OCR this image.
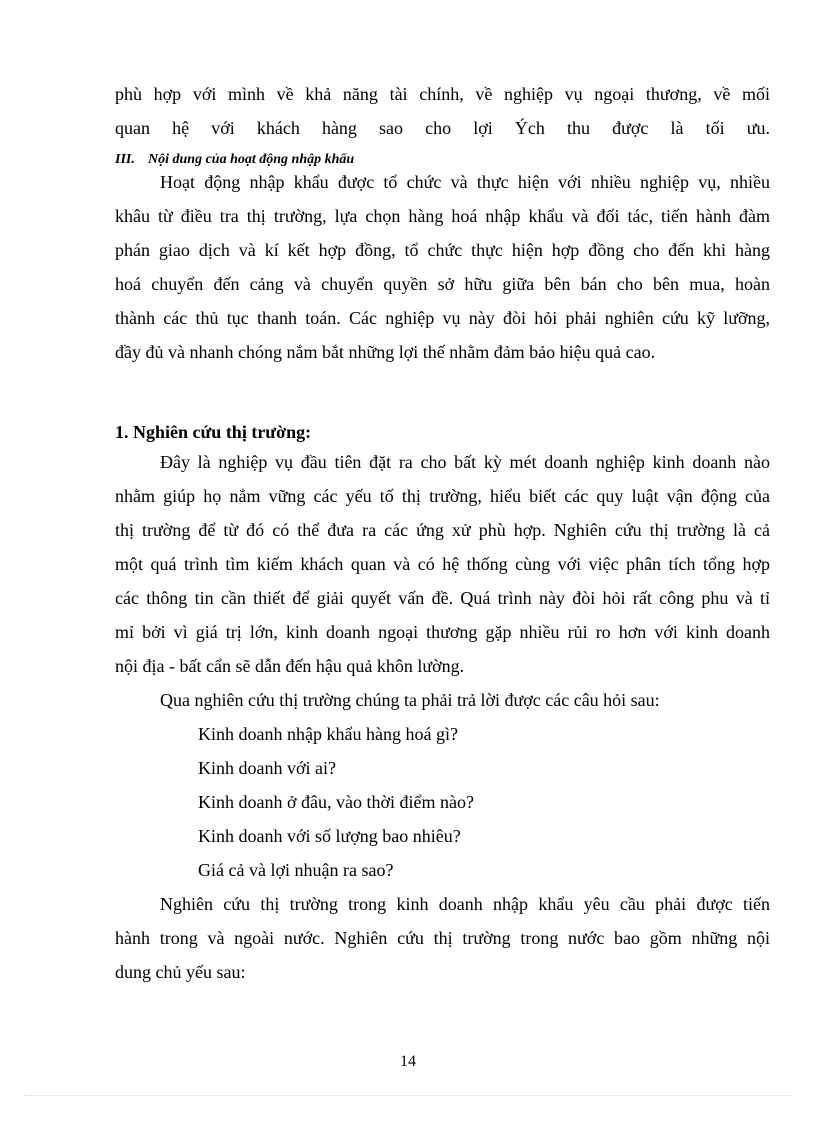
phù hợp với mình về khả năng tài chính, về nghiệp vụ ngoại thương, về mối
quan hệ với khách hàng sao cho lợi Ých thu được là tối ưu.
III. Nội dung của hoạt động nhập khẩu
Hoạt động nhập khẩu được tổ chức và thực hiện với nhiều nghiệp vụ, nhiều
khâu từ điều tra thị trường, lựa chọn hàng hoá nhập khẩu và đối tác, tiến hành đàm
phán giao dịch và kí kết hợp đồng, tổ chức thực hiện hợp đồng cho đến khi hàng
hoá chuyển đến cảng và chuyển quyền sở hữu giữa bên bán cho bên mua, hoàn
thành các thủ tục thanh toán. Các nghiệp vụ này đòi hỏi phải nghiên cứu kỹ lưỡng,
đầy đủ và nhanh chóng nắm bắt những lợi thế nhằm đảm bảo hiệu quả cao.
1. Nghiên cứu thị trường:
Đây là nghiệp vụ đầu tiên đặt ra cho bất kỳ mét doanh nghiệp kinh doanh nào
nhằm giúp họ nắm vững các yếu tố thị trường, hiểu biết các quy luật vận động của
thị trường để từ đó có thể đưa ra các ứng xử phù hợp. Nghiên cứu thị trường là cả
một quá trình tìm kiếm khách quan và có hệ thống cùng với việc phân tích tổng hợp
các thông tin cần thiết để giải quyết vấn đề. Quá trình này đòi hỏi rất công phu và tỉ
mỉ bởi vì giá trị lớn, kinh doanh ngoại thương gặp nhiều rủi ro hơn với kinh doanh
nội địa - bất cẩn sẽ dẫn đến hậu quả khôn lường.
Qua nghiên cứu thị trường chúng ta phải trả lời được các câu hỏi sau:
Kinh doanh nhập khẩu hàng hoá gì?
Kinh doanh với ai?
Kinh doanh ở đâu, vào thời điểm nào?
Kinh doanh với số lượng bao nhiêu?
Giá cả và lợi nhuận ra sao?
Nghiên cứu thị trường trong kinh doanh nhập khẩu yêu cầu phải được tiến
hành trong và ngoài nước. Nghiên cứu thị trường trong nước bao gồm những nội
dung chủ yếu sau:
14
